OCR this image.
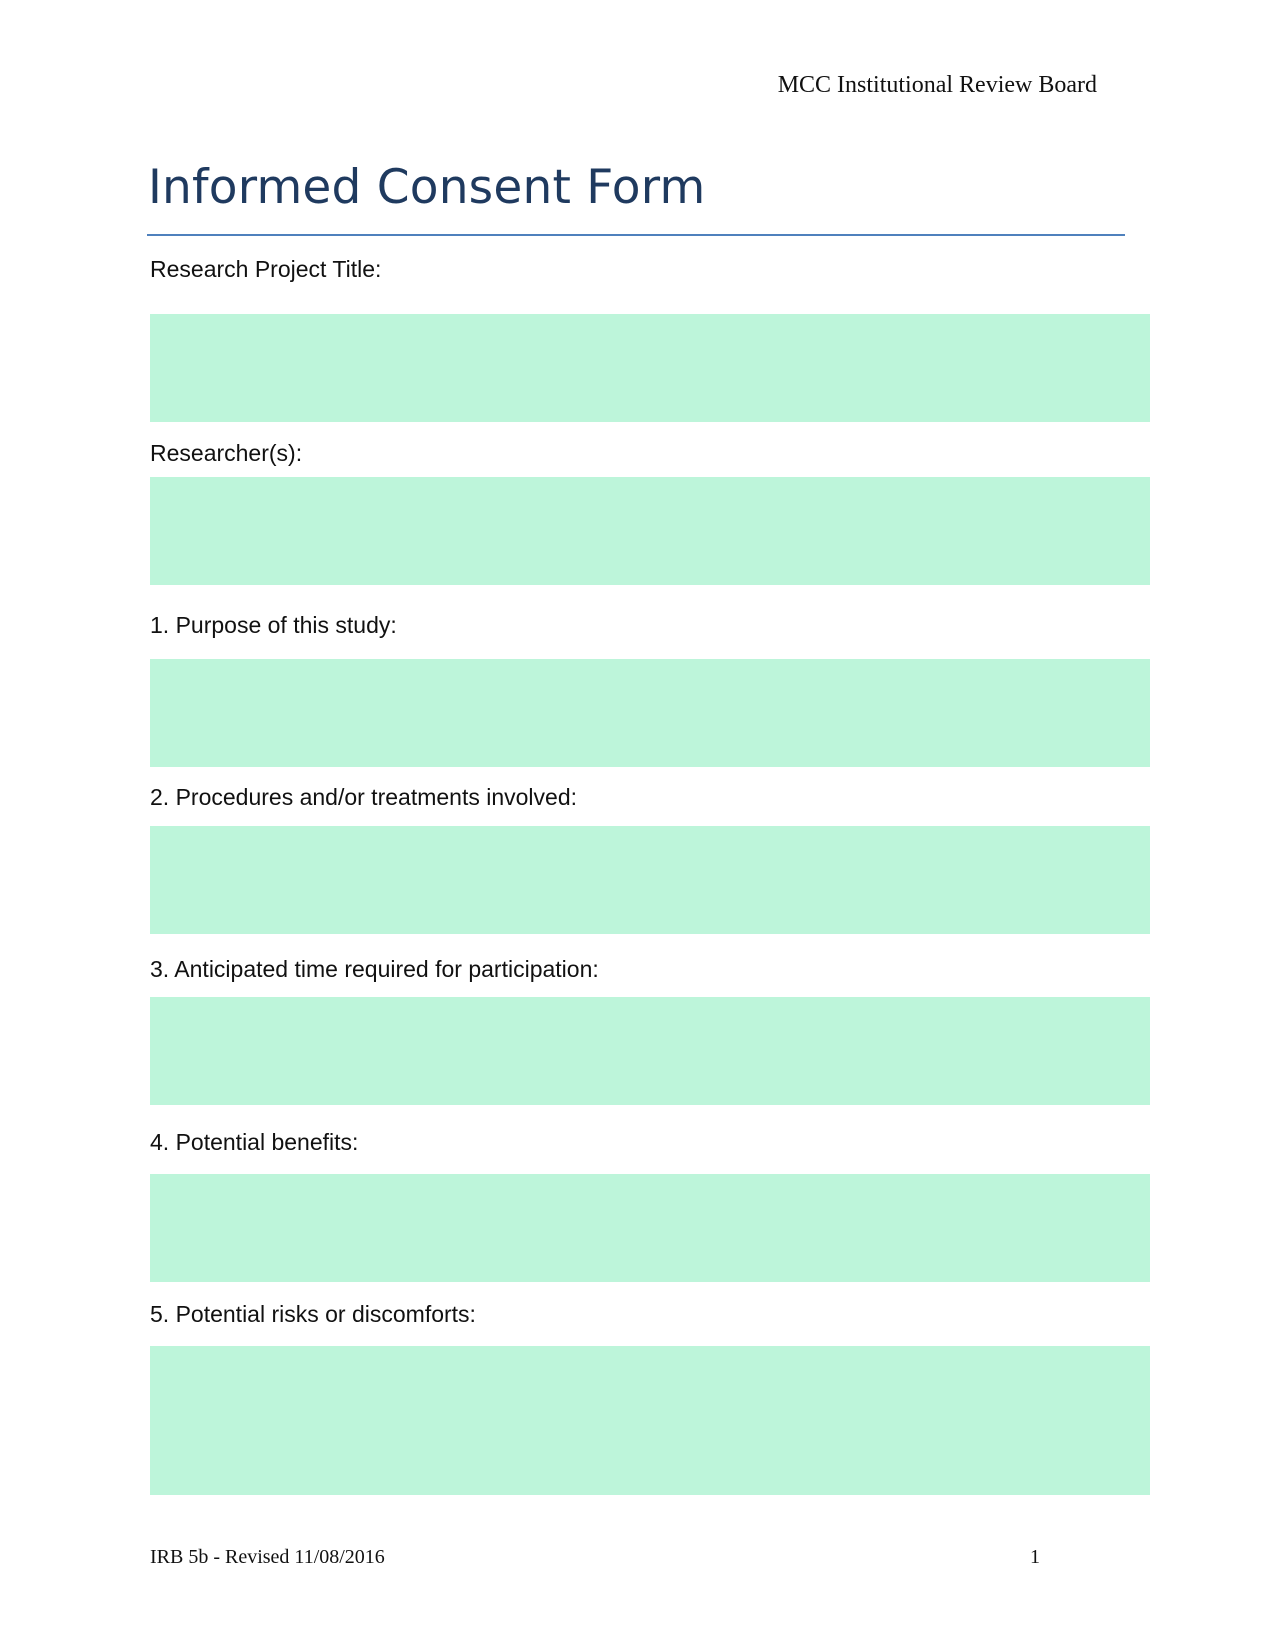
MCC Institutional Review Board
Informed Consent Form
Research Project Title:
Researcher(s):
1. Purpose of this study:
2. Procedures and/or treatments involved:
3. Anticipated time required for participation:
4. Potential benefits:
5. Potential risks or discomforts:
IRB 5b - Revised 11/08/2016	1
